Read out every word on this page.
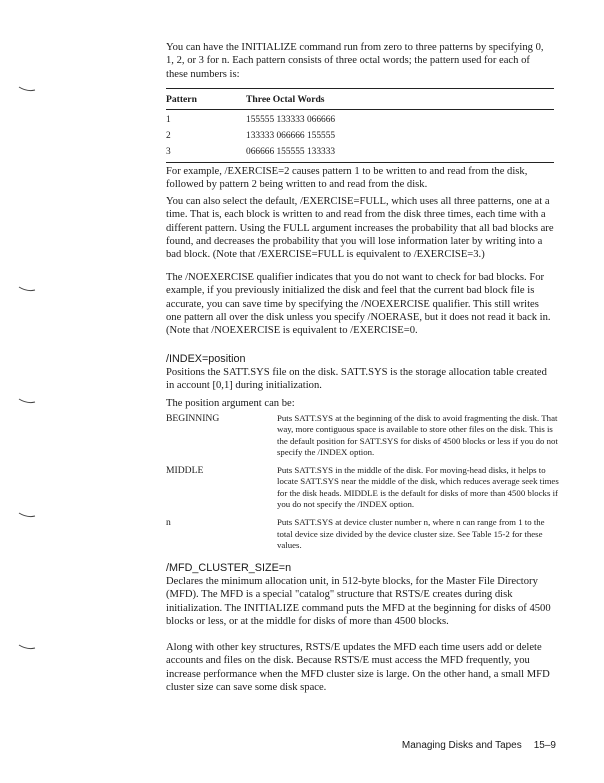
You can have the INITIALIZE command run from zero to three patterns by specifying 0, 1, 2, or 3 for n. Each pattern consists of three octal words; the pattern used for each of these numbers is:

Pattern	Three Octal Words
1	155555 133333 066666
2	133333 066666 155555
3	066666 155555 133333

For example, /EXERCISE=2 causes pattern 1 to be written to and read from the disk, followed by pattern 2 being written to and read from the disk.

You can also select the default, /EXERCISE=FULL, which uses all three patterns, one at a time. That is, each block is written to and read from the disk three times, each time with a different pattern. Using the FULL argument increases the probability that all bad blocks are found, and decreases the probability that you will lose information later by writing into a bad block. (Note that /EXERCISE=FULL is equivalent to /EXERCISE=3.)

The /NOEXERCISE qualifier indicates that you do not want to check for bad blocks. For example, if you previously initialized the disk and feel that the current bad block file is accurate, you can save time by specifying the /NOEXERCISE qualifier. This still writes one pattern all over the disk unless you specify /NOERASE, but it does not read it back in. (Note that /NOEXERCISE is equivalent to /EXERCISE=0.

/INDEX=position

Positions the SATT.SYS file on the disk. SATT.SYS is the storage allocation table created in account [0,1] during initialization.

The position argument can be:

BEGINNING	Puts SATT.SYS at the beginning of the disk to avoid fragmenting the disk. That way, more contiguous space is available to store other files on the disk. This is the default position for SATT.SYS for disks of 4500 blocks or less if you do not specify the /INDEX option.
MIDDLE	Puts SATT.SYS in the middle of the disk. For moving-head disks, it helps to locate SATT.SYS near the middle of the disk, which reduces average seek times for the disk heads. MIDDLE is the default for disks of more than 4500 blocks if you do not specify the /INDEX option.
n	Puts SATT.SYS at device cluster number n, where n can range from 1 to the total device size divided by the device cluster size. See Table 15-2 for these values.

/MFD_CLUSTER_SIZE=n

Declares the minimum allocation unit, in 512-byte blocks, for the Master File Directory (MFD). The MFD is a special "catalog" structure that RSTS/E creates during disk initialization. The INITIALIZE command puts the MFD at the beginning for disks of 4500 blocks or less, or at the middle for disks of more than 4500 blocks.

Along with other key structures, RSTS/E updates the MFD each time users add or delete accounts and files on the disk. Because RSTS/E must access the MFD frequently, you increase performance when the MFD cluster size is large. On the other hand, a small MFD cluster size can save some disk space.

Managing Disks and Tapes 15–9
